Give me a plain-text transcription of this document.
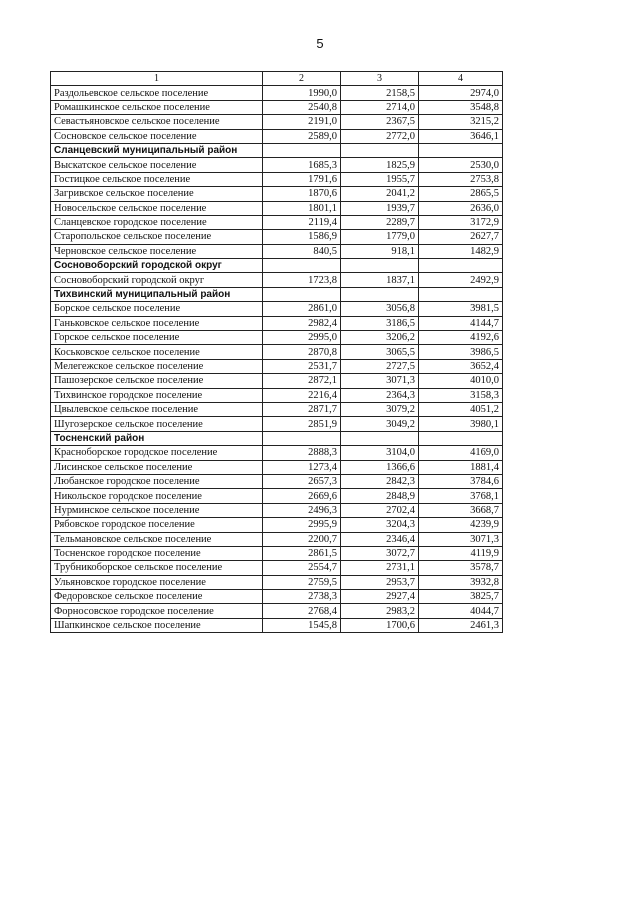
5
1	2	3	4
Раздольевское сельское поселение	1990,0	2158,5	2974,0
Ромашкинское сельское поселение	2540,8	2714,0	3548,8
Севастьяновское сельское поселение	2191,0	2367,5	3215,2
Сосновское сельское поселение	2589,0	2772,0	3646,1
Сланцевский муниципальный район			
Выскатское сельское поселение	1685,3	1825,9	2530,0
Гостицкое сельское поселение	1791,6	1955,7	2753,8
Загривское сельское поселение	1870,6	2041,2	2865,5
Новосельское сельское поселение	1801,1	1939,7	2636,0
Сланцевское городское поселение	2119,4	2289,7	3172,9
Старопольское сельское поселение	1586,9	1779,0	2627,7
Черновское сельское поселение	840,5	918,1	1482,9
Сосновоборский городской округ			
Сосновоборский городской округ	1723,8	1837,1	2492,9
Тихвинский муниципальный район			
Борское сельское поселение	2861,0	3056,8	3981,5
Ганьковское сельское поселение	2982,4	3186,5	4144,7
Горское сельское поселение	2995,0	3206,2	4192,6
Коськовское сельское поселение	2870,8	3065,5	3986,5
Мелегежское сельское поселение	2531,7	2727,5	3652,4
Пашозерское сельское поселение	2872,1	3071,3	4010,0
Тихвинское городское поселение	2216,4	2364,3	3158,3
Цвылевское сельское поселение	2871,7	3079,2	4051,2
Шугозерское сельское поселение	2851,9	3049,2	3980,1
Тосненский район			
Красноборское городское поселение	2888,3	3104,0	4169,0
Лисинское сельское поселение	1273,4	1366,6	1881,4
Любанское городское поселение	2657,3	2842,3	3784,6
Никольское городское поселение	2669,6	2848,9	3768,1
Нурминское сельское поселение	2496,3	2702,4	3668,7
Рябовское городское поселение	2995,9	3204,3	4239,9
Тельмановское сельское поселение	2200,7	2346,4	3071,3
Тосненское городское поселение	2861,5	3072,7	4119,9
Трубникоборское сельское поселение	2554,7	2731,1	3578,7
Ульяновское городское поселение	2759,5	2953,7	3932,8
Федоровское сельское поселение	2738,3	2927,4	3825,7
Форносовское городское поселение	2768,4	2983,2	4044,7
Шапкинское сельское поселение	1545,8	1700,6	2461,3
